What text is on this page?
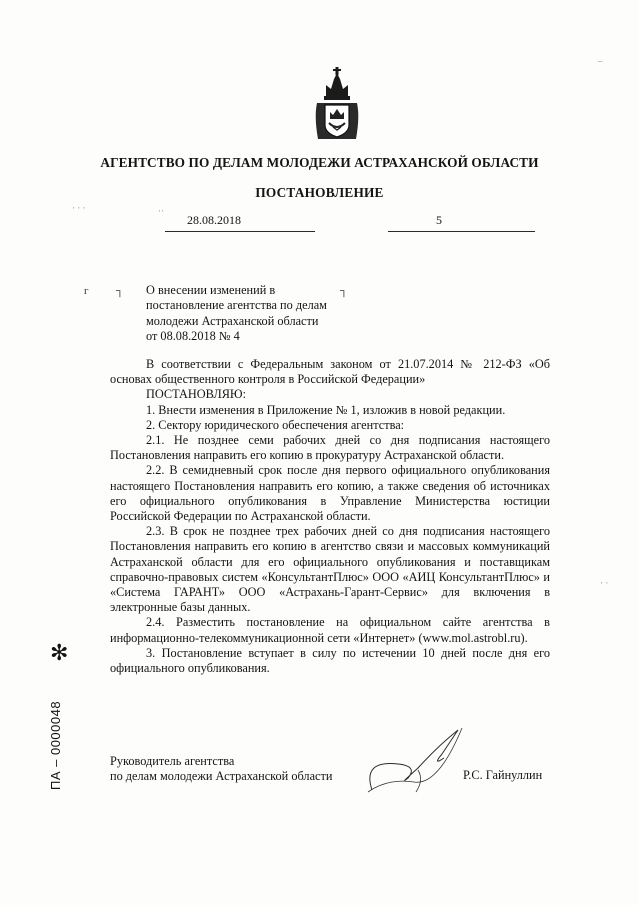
АГЕНТСТВО ПО ДЕЛАМ МОЛОДЕЖИ АСТРАХАНСКОЙ ОБЛАСТИ
ПОСТАНОВЛЕНИЕ
⋅ ⋅ ⋅	⋅⋅
28.08.2018	5
г ┐	┐
О внесении изменений в
постановление агентства по делам
молодежи Астраханской области
от 08.08.2018 № 4

В соответствии с Федеральным законом от 21.07.2014 № 212-ФЗ «Об основах общественного контроля в Российской Федерации»

ПОСТАНОВЛЯЮ:

1. Внести изменения в Приложение № 1, изложив в новой редакции.

2. Сектору юридического обеспечения агентства:

2.1. Не позднее семи рабочих дней со дня подписания настоящего Постановления направить его копию в прокуратуру Астраханской области.

2.2. В семидневный срок после дня первого официального опубликования настоящего Постановления направить его копию, а также сведения об источниках его официального опубликования в Управление Министерства юстиции Российской Федерации по Астраханской области.

2.3. В срок не позднее трех рабочих дней со дня подписания настоящего Постановления направить его копию в агентство связи и массовых коммуникаций Астраханской области для его официального опубликования и поставщикам справочно-правовых систем «КонсультантПлюс» ООО «АИЦ КонсультантПлюс» и «Система ГАРАНТ» ООО «Астрахань-Гарант-Сервис» для включения в электронные базы данных.

2.4. Разместить постановление на официальном сайте агентства в информационно-телекоммуникационной сети «Интернет» (www.mol.astrobl.ru).

3. Постановление вступает в силу по истечении 10 дней после дня его официального опубликования.

Руководитель агентства
по делам молодежи Астраханской области	Р.С. Гайнуллин
ПА – 0000048
✻
‒
⋅ ⋅
